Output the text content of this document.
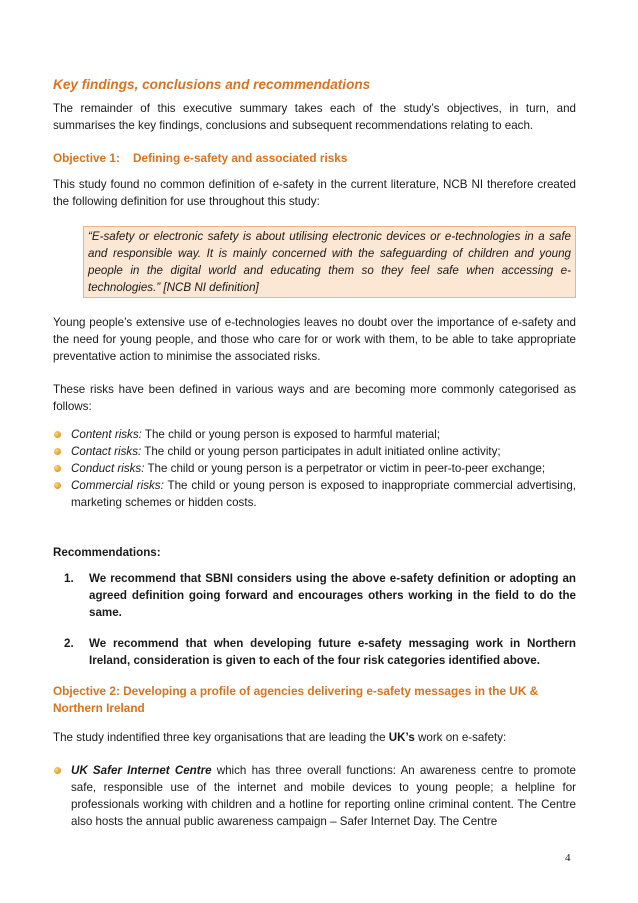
Key findings, conclusions and recommendations

The remainder of this executive summary takes each of the study’s objectives, in turn, and summarises the key findings, conclusions and subsequent recommendations relating to each.

Objective 1: Defining e-safety and associated risks

This study found no common definition of e-safety in the current literature, NCB NI therefore created the following definition for use throughout this study:

“E-safety or electronic safety is about utilising electronic devices or e-technologies in a safe and responsible way. It is mainly concerned with the safeguarding of children and young people in the digital world and educating them so they feel safe when accessing e-technologies.” [NCB NI definition]

Young people’s extensive use of e-technologies leaves no doubt over the importance of e-safety and the need for young people, and those who care for or work with them, to be able to take appropriate preventative action to minimise the associated risks.

These risks have been defined in various ways and are becoming more commonly categorised as follows:

Content risks: The child or young person is exposed to harmful material;
Contact risks: The child or young person participates in adult initiated online activity;
Conduct risks: The child or young person is a perpetrator or victim in peer-to-peer exchange;
Commercial risks: The child or young person is exposed to inappropriate commercial advertising, marketing schemes or hidden costs.
Recommendations:
1. We recommend that SBNI considers using the above e-safety definition or adopting an agreed definition going forward and encourages others working in the field to do the same.
2. We recommend that when developing future e-safety messaging work in Northern Ireland, consideration is given to each of the four risk categories identified above.
Objective 2: Developing a profile of agencies delivering e-safety messages in the UK & Northern Ireland

The study indentified three key organisations that are leading the UK’s work on e-safety:

UK Safer Internet Centre which has three overall functions: An awareness centre to promote safe, responsible use of the internet and mobile devices to young people; a helpline for professionals working with children and a hotline for reporting online criminal content. The Centre also hosts the annual public awareness campaign – Safer Internet Day. The Centre
4
